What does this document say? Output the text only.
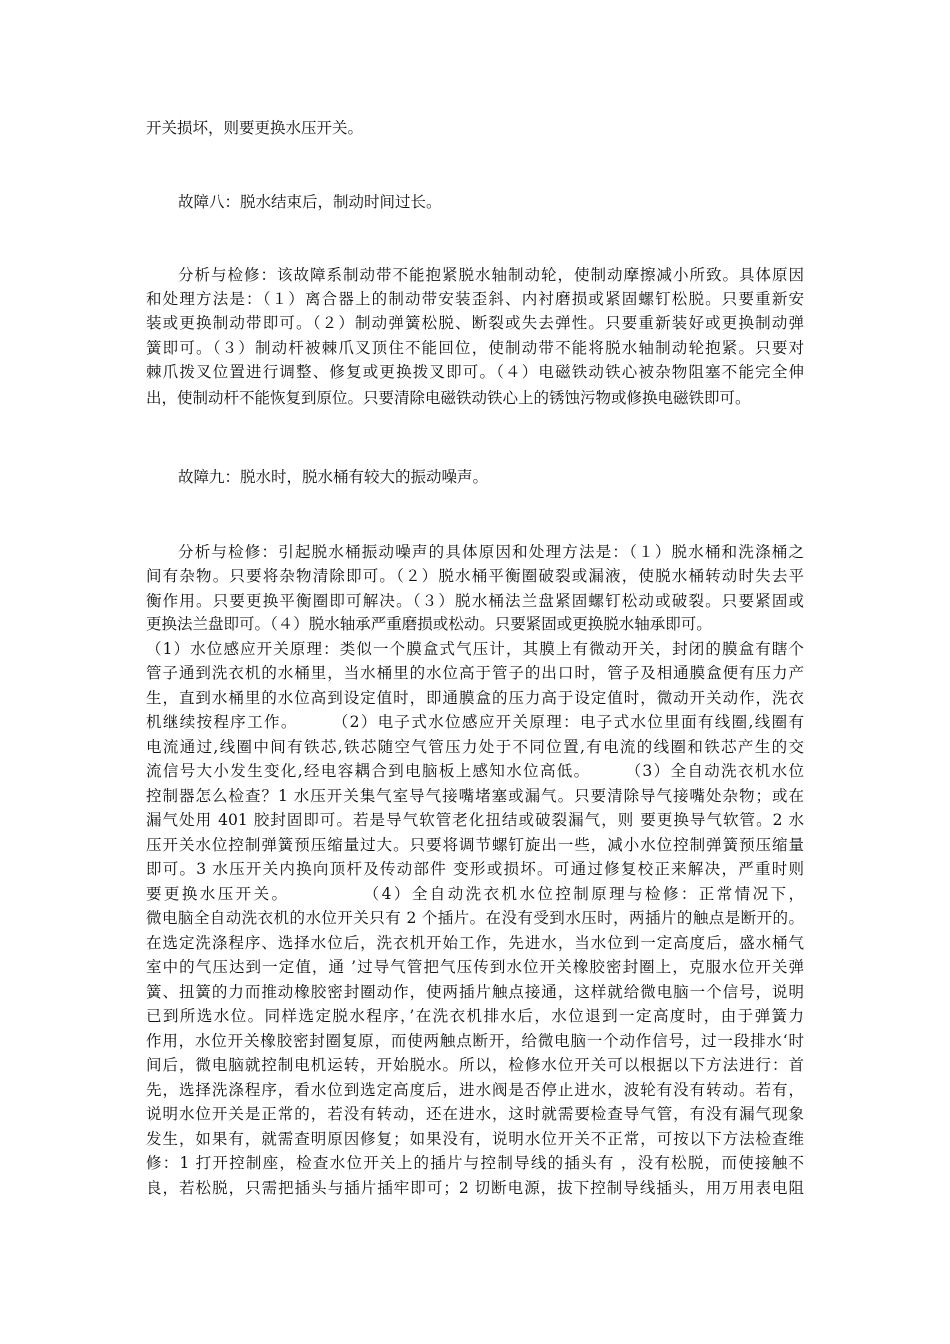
开关损坏，则要更换水压开关。
故障八：脱水结束后，制动时间过长。
分析与检修：该故障系制动带不能抱紧脱水轴制动轮，使制动摩擦减小所致。具体原因
和处理方法是：（１）离合器上的制动带安装歪斜、内衬磨损或紧固螺钉松脱。只要重新安
装或更换制动带即可。（２）制动弹簧松脱、断裂或失去弹性。只要重新装好或更换制动弹
簧即可。（３）制动杆被棘爪叉顶住不能回位，使制动带不能将脱水轴制动轮抱紧。只要对
棘爪拨叉位置进行调整、修复或更换拨叉即可。（４）电磁铁动铁心被杂物阻塞不能完全伸
出，使制动杆不能恢复到原位。只要清除电磁铁动铁心上的锈蚀污物或修换电磁铁即可。
故障九：脱水时，脱水桶有较大的振动噪声。
分析与检修：引起脱水桶振动噪声的具体原因和处理方法是：（１）脱水桶和洗涤桶之
间有杂物。只要将杂物清除即可。（２）脱水桶平衡圈破裂或漏液，使脱水桶转动时失去平
衡作用。只要更换平衡圈即可解决。（３）脱水桶法兰盘紧固螺钉松动或破裂。只要紧固或
更换法兰盘即可。（４）脱水轴承严重磨损或松动。只要紧固或更换脱水轴承即可。
（1）水位感应开关原理：类似一个膜盒式气压计，其膜上有微动开关，封闭的膜盒有瞎个
管子通到洗衣机的水桶里，当水桶里的水位高于管子的出口时，管子及相通膜盒便有压力产
生，直到水桶里的水位高到设定值时，即通膜盒的压力高于设定值时，微动开关动作，洗衣
机继续按程序工作。　　　（2）电子式水位感应开关原理：电子式水位里面有线圈,线圈有
电流通过,线圈中间有铁芯,铁芯随空气管压力处于不同位置,有电流的线圈和铁芯产生的交
流信号大小发生变化,经电容耦合到电脑板上感知水位高低。　　　（3）全自动洗衣机水位
控制器怎么检查？1 水压开关集气室导气接嘴堵塞或漏气。只要清除导气接嘴处杂物；或在
漏气处用 401 胶封固即可。若是导气软管老化扭结或破裂漏气，则 要更换导气软管。2 水
压开关水位控制弹簧预压缩量过大。只要将调节螺钉旋出一些，减小水位控制弹簧预压缩量
即可。3 水压开关内换向顶杆及传动部件 变形或损坏。可通过修复校正来解决，严重时则
要更换水压开关。　　　　　（4）全自动洗衣机水位控制原理与检修：正常情况下，
微电脑全自动洗衣机的水位开关只有 2 个插片。在没有受到水压时，两插片的触点是断开的。
在选定洗涤程序、选择水位后，洗衣机开始工作，先进水，当水位到一定高度后，盛水桶气
室中的气压达到一定值，通 ’过导气管把气压传到水位开关橡胶密封圈上，克服水位开关弹
簧、扭簧的力而推动橡胶密封圈动作，使两插片触点接通，这样就给微电脑一个信号，说明
已到所选水位。同样选定脱水程序，’在洗衣机排水后，水位退到一定高度时，由于弹簧力
作用，水位开关橡胶密封圈复原，而使两触点断开，给微电脑一个动作信号，过一段排水‘时
间后，微电脑就控制电机运转，开始脱水。所以，检修水位开关可以根据以下方法进行：首
先，选择洗涤程序，看水位到选定高度后，进水阀是否停止进水，波轮有没有转动。若有，
说明水位开关是正常的，若没有转动，还在进水，这时就需要检查导气管，有没有漏气现象
发生，如果有，就需查明原因修复；如果没有，说明水位开关不正常，可按以下方法检查维
修：1 打开控制座，检查水位开关上的插片与控制导线的插头有 ，没有松脱，而使接触不
良，若松脱，只需把插头与插片插牢即可；2 切断电源，拔下控制导线插头，用万用表电阻
